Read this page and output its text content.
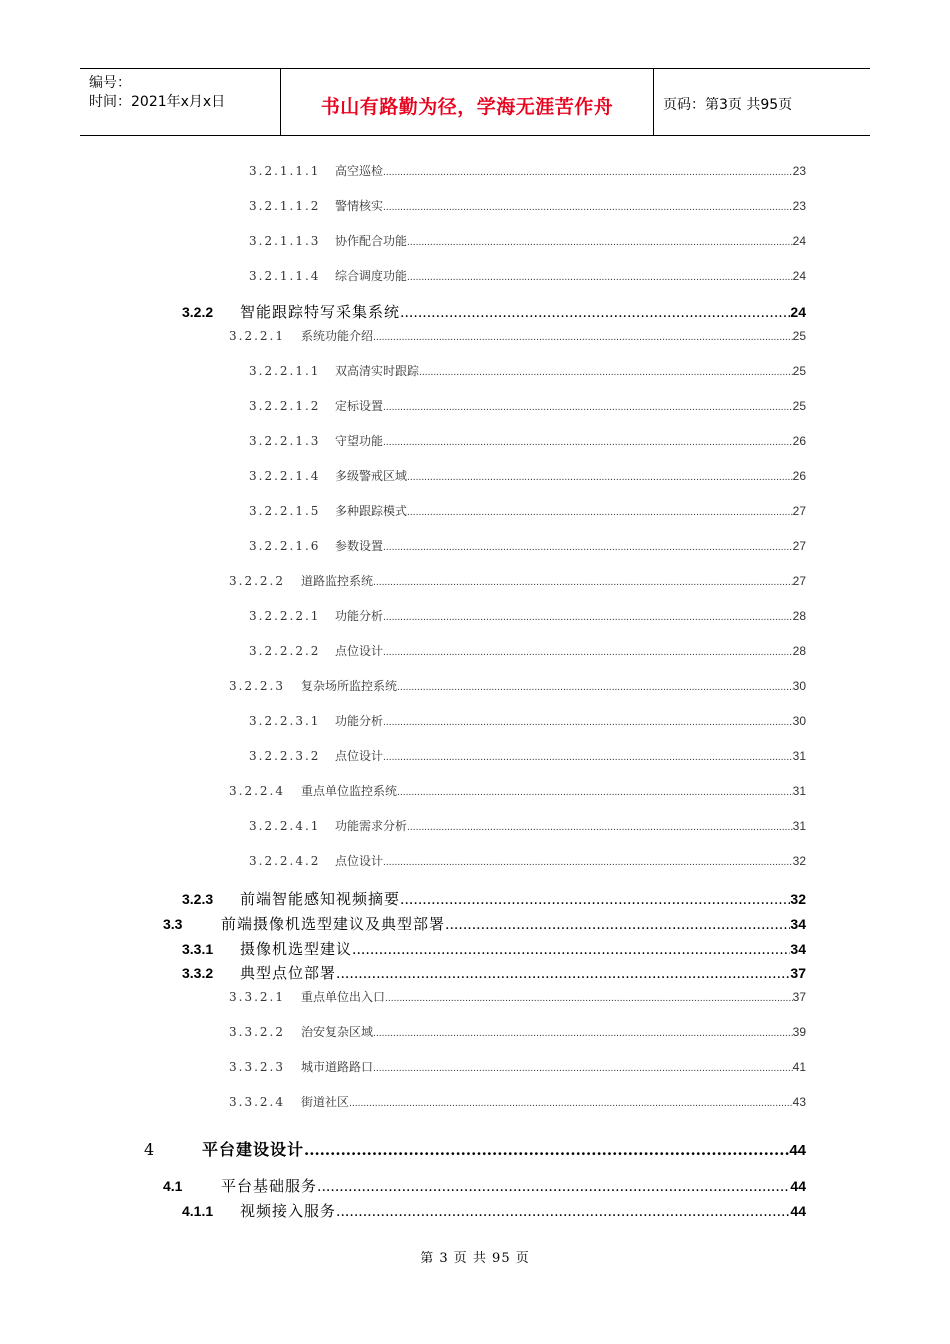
编号：
时间：2021年x月x日	书山有路勤为径，学海无涯苦作舟	页码：第3页 共95页
3.2.1.1.1	高空巡检 .....	23
3.2.1.1.2	警情核实 .....	23
3.2.1.1.3	协作配合功能 .....	24
3.2.1.1.4	综合调度功能 .....	24
3.2.2	智能跟踪特写采集系统 .....	24
3.2.2.1	系统功能介绍 .....	25
3.2.2.1.1	双高清实时跟踪 .....	25
3.2.2.1.2	定标设置 .....	25
3.2.2.1.3	守望功能 .....	26
3.2.2.1.4	多级警戒区域 .....	26
3.2.2.1.5	多种跟踪模式 .....	27
3.2.2.1.6	参数设置 .....	27
3.2.2.2	道路监控系统 .....	27
3.2.2.2.1	功能分析 .....	28
3.2.2.2.2	点位设计 .....	28
3.2.2.3	复杂场所监控系统 .....	30
3.2.2.3.1	功能分析 .....	30
3.2.2.3.2	点位设计 .....	31
3.2.2.4	重点单位监控系统 .....	31
3.2.2.4.1	功能需求分析 .....	31
3.2.2.4.2	点位设计 .....	32
3.2.3	前端智能感知视频摘要 .....	32
3.3	前端摄像机选型建议及典型部署 .....	34
3.3.1	摄像机选型建议 .....	34
3.3.2	典型点位部署 .....	37
3.3.2.1	重点单位出入口 .....	37
3.3.2.2	治安复杂区域 .....	39
3.3.2.3	城市道路路口 .....	41
3.3.2.4	街道社区 .....	43
4	平台建设设计 .....	44
4.1	平台基础服务 .....	44
4.1.1	视频接入服务 .....	44
第 3 页 共 95 页
